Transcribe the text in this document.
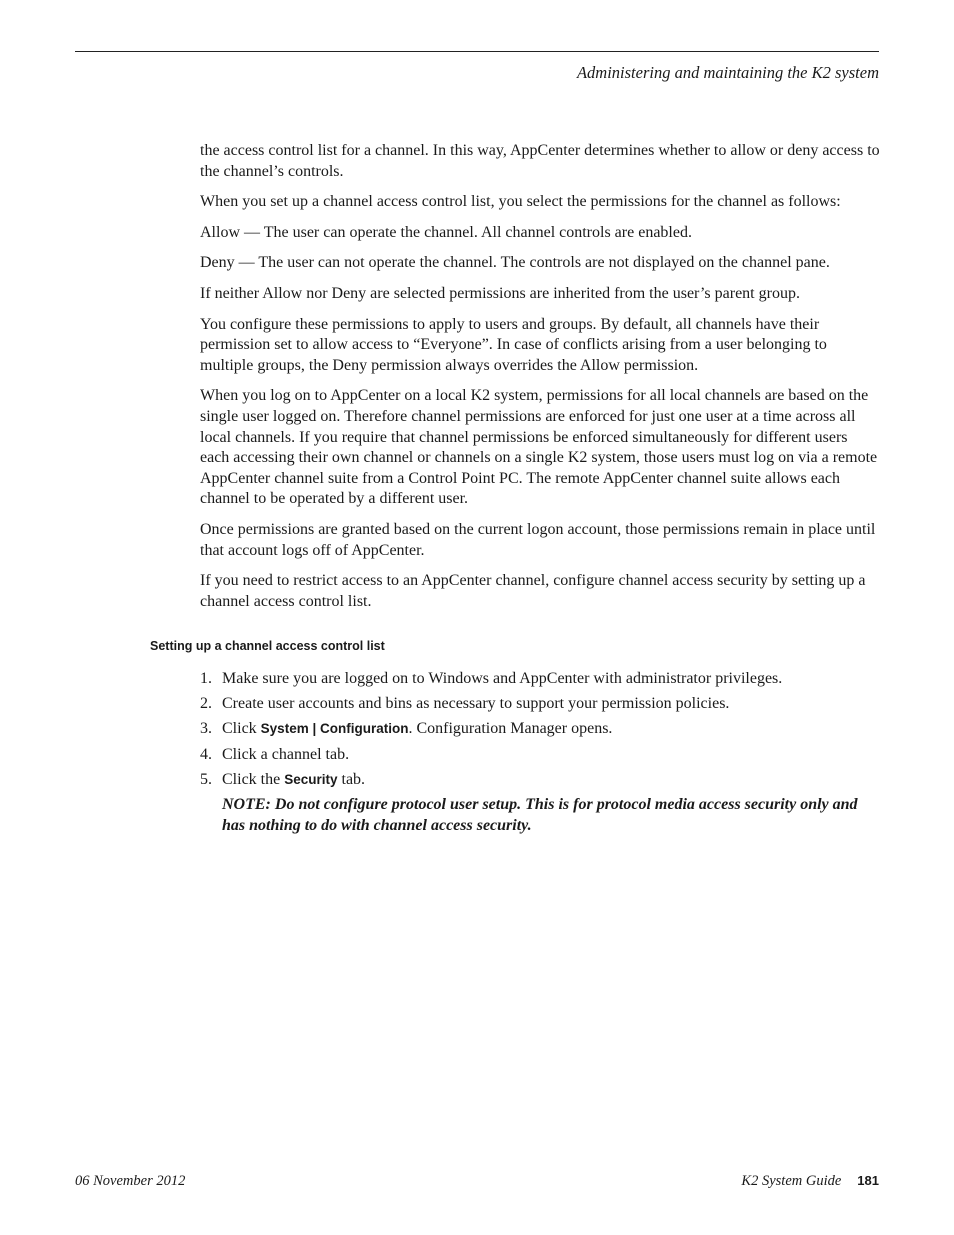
Administering and maintaining the K2 system

the access control list for a channel. In this way, AppCenter determines whether to allow or deny access to the channel’s controls.

When you set up a channel access control list, you select the permissions for the channel as follows:

Allow — The user can operate the channel. All channel controls are enabled.

Deny — The user can not operate the channel. The controls are not displayed on the channel pane.

If neither Allow nor Deny are selected permissions are inherited from the user’s parent group.

You configure these permissions to apply to users and groups. By default, all channels have their permission set to allow access to “Everyone”. In case of conflicts arising from a user belonging to multiple groups, the Deny permission always overrides the Allow permission.

When you log on to AppCenter on a local K2 system, permissions for all local channels are based on the single user logged on. Therefore channel permissions are enforced for just one user at a time across all local channels. If you require that channel permissions be enforced simultaneously for different users each accessing their own channel or channels on a single K2 system, those users must log on via a remote AppCenter channel suite from a Control Point PC. The remote AppCenter channel suite allows each channel to be operated by a different user.

Once permissions are granted based on the current logon account, those permissions remain in place until that account logs off of AppCenter.

If you need to restrict access to an AppCenter channel, configure channel access security by setting up a channel access control list.

Setting up a channel access control list
1. Make sure you are logged on to Windows and AppCenter with administrator privileges.
2. Create user accounts and bins as necessary to support your permission policies.
3. Click System | Configuration. Configuration Manager opens.
4. Click a channel tab.
5. Click the Security tab.
NOTE: Do not configure protocol user setup. This is for protocol media access security only and has nothing to do with channel access security.
06 November 2012	K2 System Guide 181
